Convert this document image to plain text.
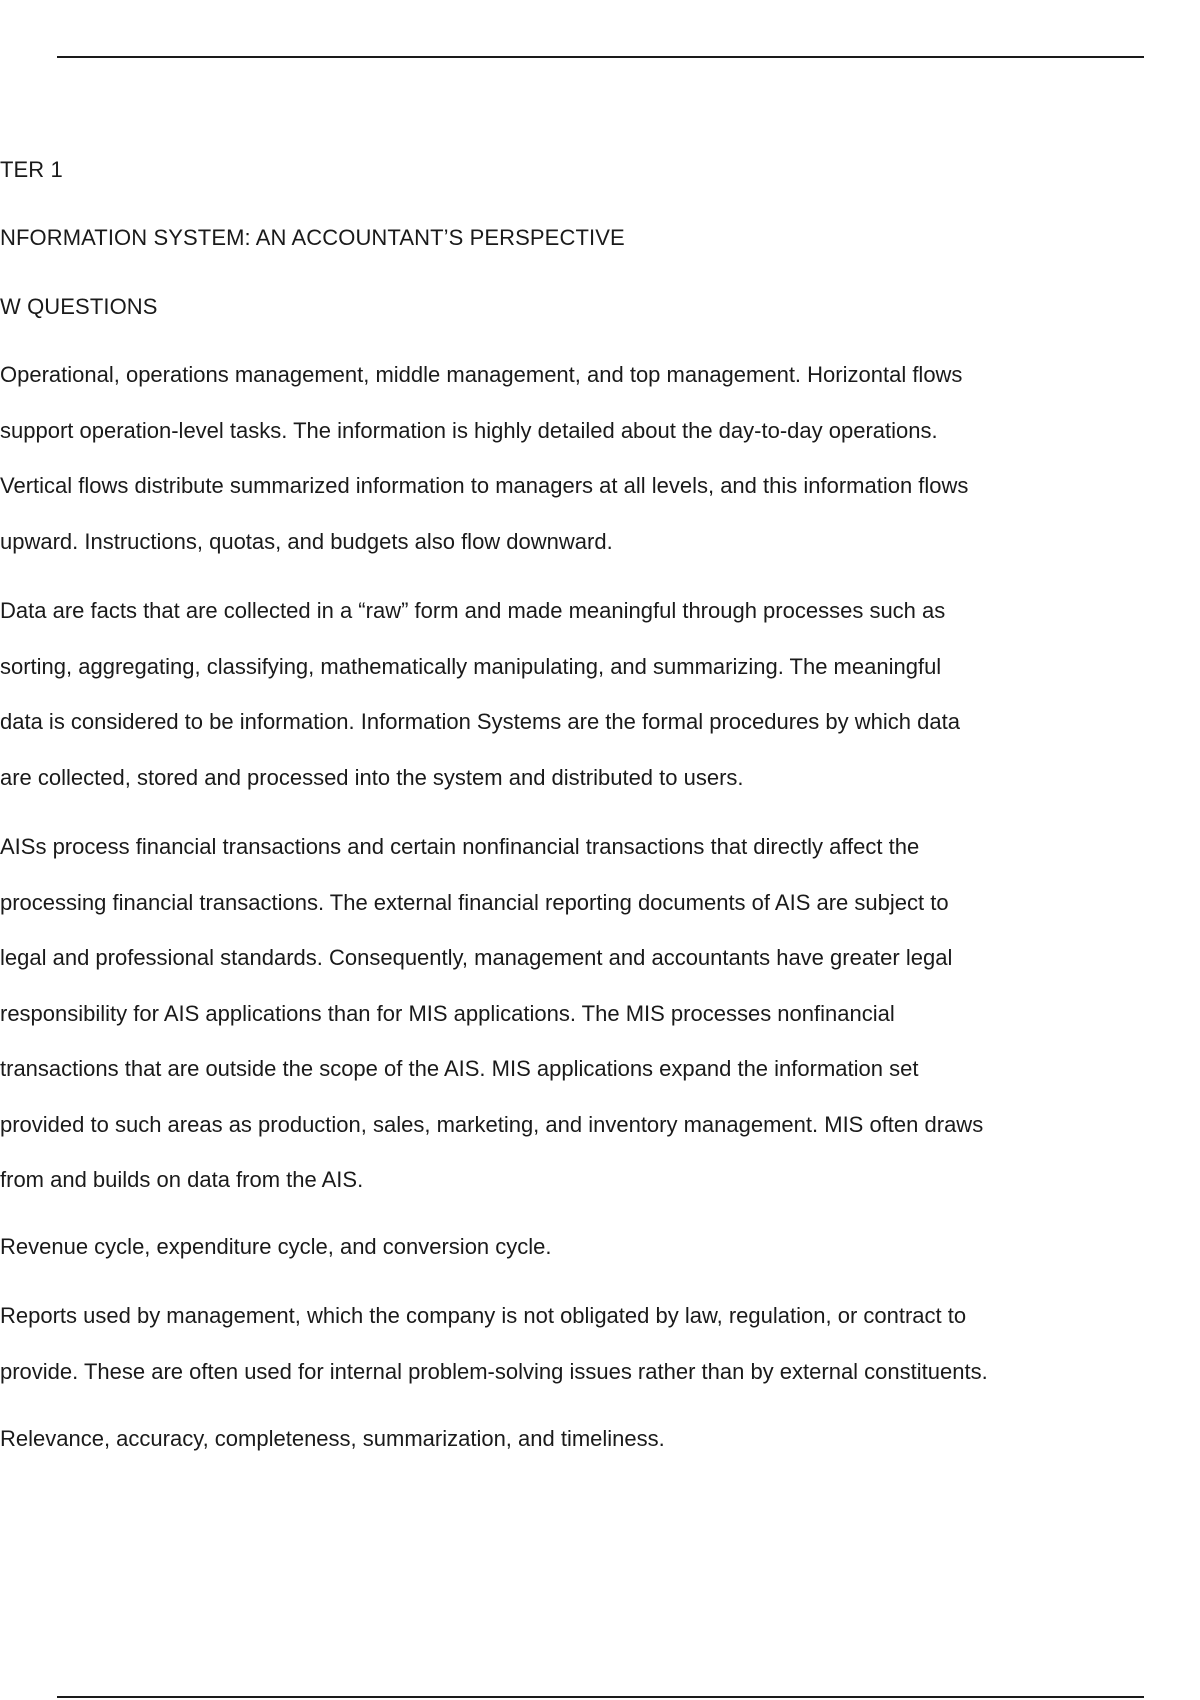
TER 1
NFORMATION SYSTEM: AN ACCOUNTANT’S PERSPECTIVE
W QUESTIONS

Operational, operations management, middle management, and top management. Horizontal flows
support operation-level tasks. The information is highly detailed about the day-to-day operations.
Vertical flows distribute summarized information to managers at all levels, and this information flows
upward. Instructions, quotas, and budgets also flow downward.

Data are facts that are collected in a “raw” form and made meaningful through processes such as
sorting, aggregating, classifying, mathematically manipulating, and summarizing. The meaningful
data is considered to be information. Information Systems are the formal procedures by which data
are collected, stored and processed into the system and distributed to users.

AISs process financial transactions and certain nonfinancial transactions that directly affect the
processing financial transactions. The external financial reporting documents of AIS are subject to
legal and professional standards. Consequently, management and accountants have greater legal
responsibility for AIS applications than for MIS applications. The MIS processes nonfinancial
transactions that are outside the scope of the AIS. MIS applications expand the information set
provided to such areas as production, sales, marketing, and inventory management. MIS often draws
from and builds on data from the AIS.

Revenue cycle, expenditure cycle, and conversion cycle.

Reports used by management, which the company is not obligated by law, regulation, or contract to
provide. These are often used for internal problem-solving issues rather than by external constituents.

Relevance, accuracy, completeness, summarization, and timeliness.
